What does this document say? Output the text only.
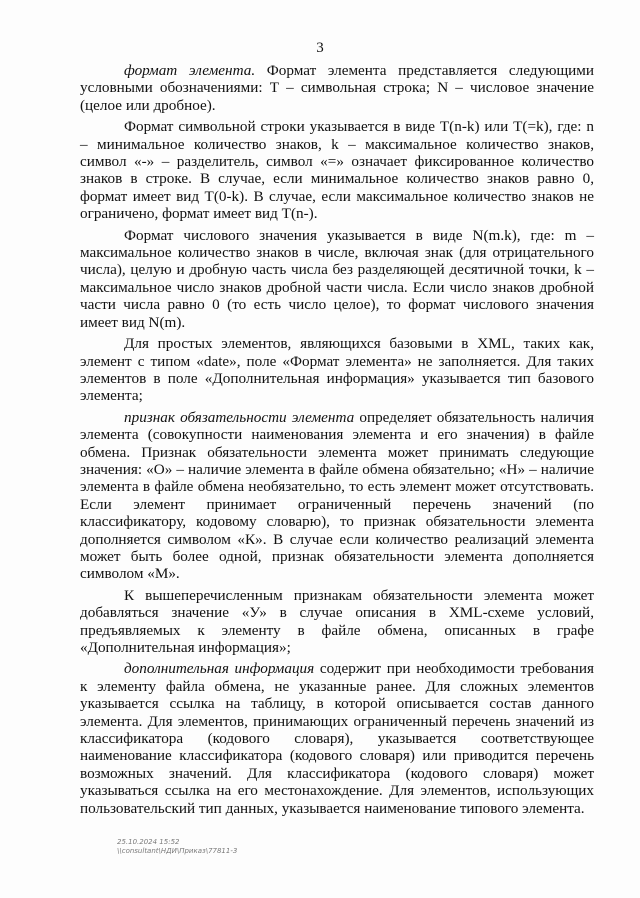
3

формат элемента. Формат элемента представляется следующими условными обозначениями: Т – символьная строка; N – числовое значение (целое или дробное).

Формат символьной строки указывается в виде T(n-k) или T(=k), где: n – минимальное количество знаков, k – максимальное количество знаков, символ «-» – разделитель, символ «=» означает фиксированное количество знаков в строке. В случае, если минимальное количество знаков равно 0, формат имеет вид T(0-k). В случае, если максимальное количество знаков не ограничено, формат имеет вид T(n-).

Формат числового значения указывается в виде N(m.k), где: m – максимальное количество знаков в числе, включая знак (для отрицательного числа), целую и дробную часть числа без разделяющей десятичной точки, k – максимальное число знаков дробной части числа. Если число знаков дробной части числа равно 0 (то есть число целое), то формат числового значения имеет вид N(m).

Для простых элементов, являющихся базовыми в XML, таких как, элемент с типом «date», поле «Формат элемента» не заполняется. Для таких элементов в поле «Дополнительная информация» указывается тип базового элемента;

признак обязательности элемента определяет обязательность наличия элемента (совокупности наименования элемента и его значения) в файле обмена. Признак обязательности элемента может принимать следующие значения: «О» – наличие элемента в файле обмена обязательно; «Н» – наличие элемента в файле обмена необязательно, то есть элемент может отсутствовать. Если элемент принимает ограниченный перечень значений (по классификатору, кодовому словарю), то признак обязательности элемента дополняется символом «К». В случае если количество реализаций элемента может быть более одной, признак обязательности элемента дополняется символом «М».

К вышеперечисленным признакам обязательности элемента может добавляться значение «У» в случае описания в XML-схеме условий, предъявляемых к элементу в файле обмена, описанных в графе «Дополнительная информация»;

дополнительная информация содержит при необходимости требования к элементу файла обмена, не указанные ранее. Для сложных элементов указывается ссылка на таблицу, в которой описывается состав данного элемента. Для элементов, принимающих ограниченный перечень значений из классификатора (кодового словаря), указывается соответствующее наименование классификатора (кодового словаря) или приводится перечень возможных значений. Для классификатора (кодового словаря) может указываться ссылка на его местонахождение. Для элементов, использующих пользовательский тип данных, указывается наименование типового элемента.

25.10.2024 15:52
\\consultant\НДИ\Приказ\77811-3
